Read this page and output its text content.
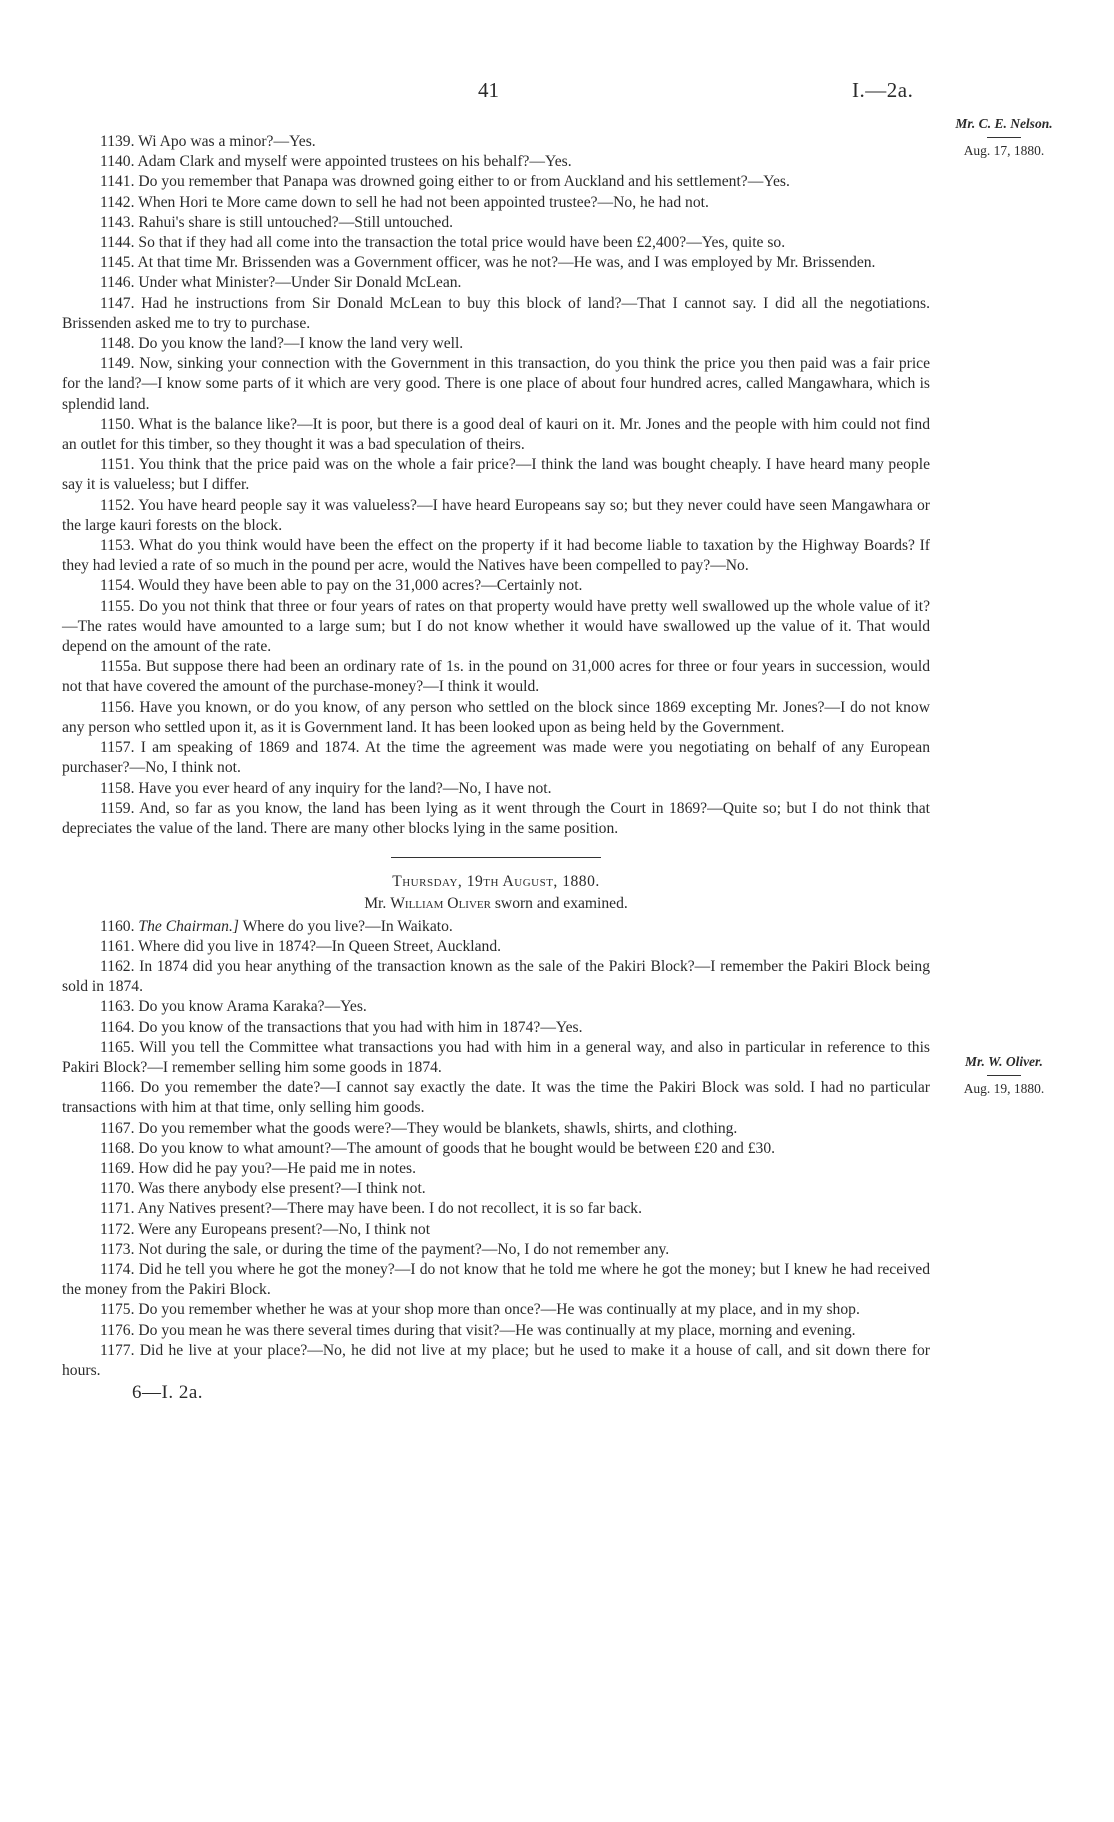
41	I.—2a.
Mr. C. E. Nelson.
Aug. 17, 1880.
Mr. W. Oliver.
Aug. 19, 1880.

1139. Wi Apo was a minor?—Yes.

1140. Adam Clark and myself were appointed trustees on his behalf?—Yes.

1141. Do you remember that Panapa was drowned going either to or from Auckland and his settlement?—Yes.

1142. When Hori te More came down to sell he had not been appointed trustee?—No, he had not.

1143. Rahui's share is still untouched?—Still untouched.

1144. So that if they had all come into the transaction the total price would have been £2,400?—Yes, quite so.

1145. At that time Mr. Brissenden was a Government officer, was he not?—He was, and I was employed by Mr. Brissenden.

1146. Under what Minister?—Under Sir Donald McLean.

1147. Had he instructions from Sir Donald McLean to buy this block of land?—That I cannot say. I did all the negotiations. Brissenden asked me to try to purchase.

1148. Do you know the land?—I know the land very well.

1149. Now, sinking your connection with the Government in this transaction, do you think the price you then paid was a fair price for the land?—I know some parts of it which are very good. There is one place of about four hundred acres, called Mangawhara, which is splendid land.

1150. What is the balance like?—It is poor, but there is a good deal of kauri on it. Mr. Jones and the people with him could not find an outlet for this timber, so they thought it was a bad speculation of theirs.

1151. You think that the price paid was on the whole a fair price?—I think the land was bought cheaply. I have heard many people say it is valueless; but I differ.

1152. You have heard people say it was valueless?—I have heard Europeans say so; but they never could have seen Mangawhara or the large kauri forests on the block.

1153. What do you think would have been the effect on the property if it had become liable to taxation by the Highway Boards? If they had levied a rate of so much in the pound per acre, would the Natives have been compelled to pay?—No.

1154. Would they have been able to pay on the 31,000 acres?—Certainly not.

1155. Do you not think that three or four years of rates on that property would have pretty well swallowed up the whole value of it?—The rates would have amounted to a large sum; but I do not know whether it would have swallowed up the value of it. That would depend on the amount of the rate.

1155a. But suppose there had been an ordinary rate of 1s. in the pound on 31,000 acres for three or four years in succession, would not that have covered the amount of the purchase-money?—I think it would.

1156. Have you known, or do you know, of any person who settled on the block since 1869 excepting Mr. Jones?—I do not know any person who settled upon it, as it is Government land. It has been looked upon as being held by the Government.

1157. I am speaking of 1869 and 1874. At the time the agreement was made were you negotiating on behalf of any European purchaser?—No, I think not.

1158. Have you ever heard of any inquiry for the land?—No, I have not.

1159. And, so far as you know, the land has been lying as it went through the Court in 1869?—Quite so; but I do not think that depreciates the value of the land. There are many other blocks lying in the same position.

Thursday, 19th August, 1880.

Mr. William Oliver sworn and examined.

1160. The Chairman.] Where do you live?—In Waikato.

1161. Where did you live in 1874?—In Queen Street, Auckland.

1162. In 1874 did you hear anything of the transaction known as the sale of the Pakiri Block?—I remember the Pakiri Block being sold in 1874.

1163. Do you know Arama Karaka?—Yes.

1164. Do you know of the transactions that you had with him in 1874?—Yes.

1165. Will you tell the Committee what transactions you had with him in a general way, and also in particular in reference to this Pakiri Block?—I remember selling him some goods in 1874.

1166. Do you remember the date?—I cannot say exactly the date. It was the time the Pakiri Block was sold. I had no particular transactions with him at that time, only selling him goods.

1167. Do you remember what the goods were?—They would be blankets, shawls, shirts, and clothing.

1168. Do you know to what amount?—The amount of goods that he bought would be between £20 and £30.

1169. How did he pay you?—He paid me in notes.

1170. Was there anybody else present?—I think not.

1171. Any Natives present?—There may have been. I do not recollect, it is so far back.

1172. Were any Europeans present?—No, I think not

1173. Not during the sale, or during the time of the payment?—No, I do not remember any.

1174. Did he tell you where he got the money?—I do not know that he told me where he got the money; but I knew he had received the money from the Pakiri Block.

1175. Do you remember whether he was at your shop more than once?—He was continually at my place, and in my shop.

1176. Do you mean he was there several times during that visit?—He was continually at my place, morning and evening.

1177. Did he live at your place?—No, he did not live at my place; but he used to make it a house of call, and sit down there for hours.

6—I. 2a.
